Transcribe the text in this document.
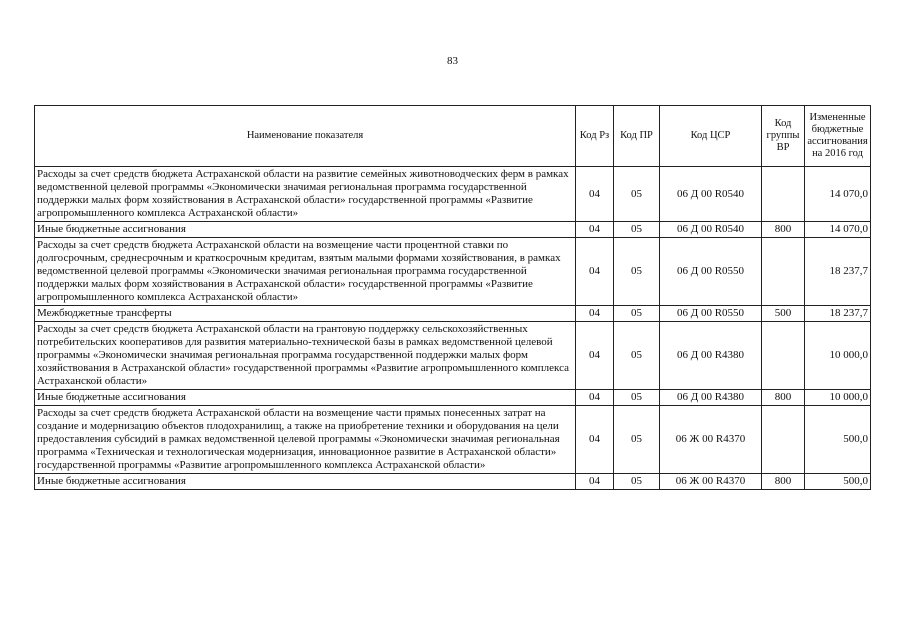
83
Наименование показателя	Код Рз	Код ПР	Код ЦСР	Код группы ВР	Измененные бюджетные ассигнования на 2016 год
Расходы за счет средств бюджета Астраханской области на развитие семейных животноводческих ферм в рамках ведомственной целевой программы «Экономически значимая региональная программа государственной поддержки малых форм хозяйствования в Астраханской области» государственной программы «Развитие агропромышленного комплекса Астраханской области»	04	05	06 Д 00 R0540		14 070,0
Иные бюджетные ассигнования	04	05	06 Д 00 R0540	800	14 070,0
Расходы за счет средств бюджета Астраханской области на возмещение части процентной ставки по долгосрочным, среднесрочным и краткосрочным кредитам, взятым малыми формами хозяйствования, в рамках ведомственной целевой программы «Экономически значимая региональная программа государственной поддержки малых форм хозяйствования в Астраханской области» государственной программы «Развитие агропромышленного комплекса Астраханской области»	04	05	06 Д 00 R0550		18 237,7
Межбюджетные трансферты	04	05	06 Д 00 R0550	500	18 237,7
Расходы за счет средств бюджета Астраханской области на грантовую поддержку сельскохозяйственных потребительских кооперативов для развития материально-технической базы в рамках ведомственной целевой программы «Экономически значимая региональная программа государственной поддержки малых форм хозяйствования в Астраханской области» государственной программы «Развитие агропромышленного комплекса Астраханской области»	04	05	06 Д 00 R4380		10 000,0
Иные бюджетные ассигнования	04	05	06 Д 00 R4380	800	10 000,0
Расходы за счет средств бюджета Астраханской области на возмещение части прямых понесенных затрат на создание и модернизацию объектов плодохранилищ, а также на приобретение техники и оборудования на цели предоставления субсидий в рамках ведомственной целевой программы «Экономически значимая региональная программа «Техническая и технологическая модернизация, инновационное развитие в Астраханской области» государственной программы «Развитие агропромышленного комплекса Астраханской области»	04	05	06 Ж 00 R4370		500,0
Иные бюджетные ассигнования	04	05	06 Ж 00 R4370	800	500,0
